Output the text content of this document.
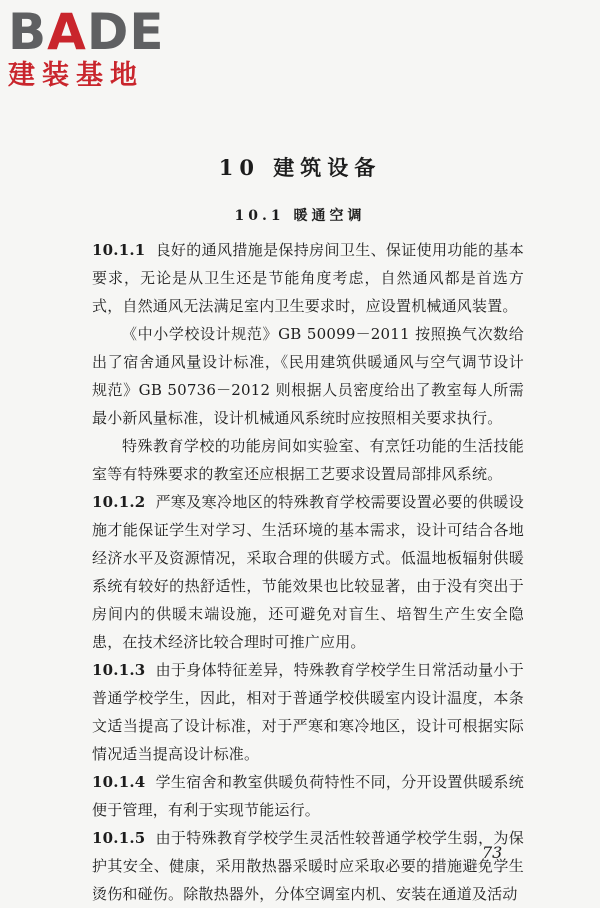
BADE
建装基地
10 建筑设备
10.1 暖通空调

10.1.1 良好的通风措施是保持房间卫生、保证使用功能的基本要求，无论是从卫生还是节能角度考虑，自然通风都是首选方式，自然通风无法满足室内卫生要求时，应设置机械通风装置。

《中小学校设计规范》GB 50099－2011 按照换气次数给出了宿舍通风量设计标准，《民用建筑供暖通风与空气调节设计规范》GB 50736－2012 则根据人员密度给出了教室每人所需最小新风量标准，设计机械通风系统时应按照相关要求执行。

特殊教育学校的功能房间如实验室、有烹饪功能的生活技能室等有特殊要求的教室还应根据工艺要求设置局部排风系统。

10.1.2 严寒及寒冷地区的特殊教育学校需要设置必要的供暖设施才能保证学生对学习、生活环境的基本需求，设计可结合各地经济水平及资源情况，采取合理的供暖方式。低温地板辐射供暖系统有较好的热舒适性，节能效果也比较显著，由于没有突出于房间内的供暖末端设施，还可避免对盲生、培智生产生安全隐患，在技术经济比较合理时可推广应用。

10.1.3 由于身体特征差异，特殊教育学校学生日常活动量小于普通学校学生，因此，相对于普通学校供暖室内设计温度，本条文适当提高了设计标准，对于严寒和寒冷地区，设计可根据实际情况适当提高设计标准。

10.1.4 学生宿舍和教室供暖负荷特性不同，分开设置供暖系统便于管理，有利于实现节能运行。

10.1.5 由于特殊教育学校学生灵活性较普通学校学生弱，为保护其安全、健康，采用散热器采暖时应采取必要的措施避免学生烫伤和碰伤。除散热器外，分体空调室内机、安装在通道及活动

73
